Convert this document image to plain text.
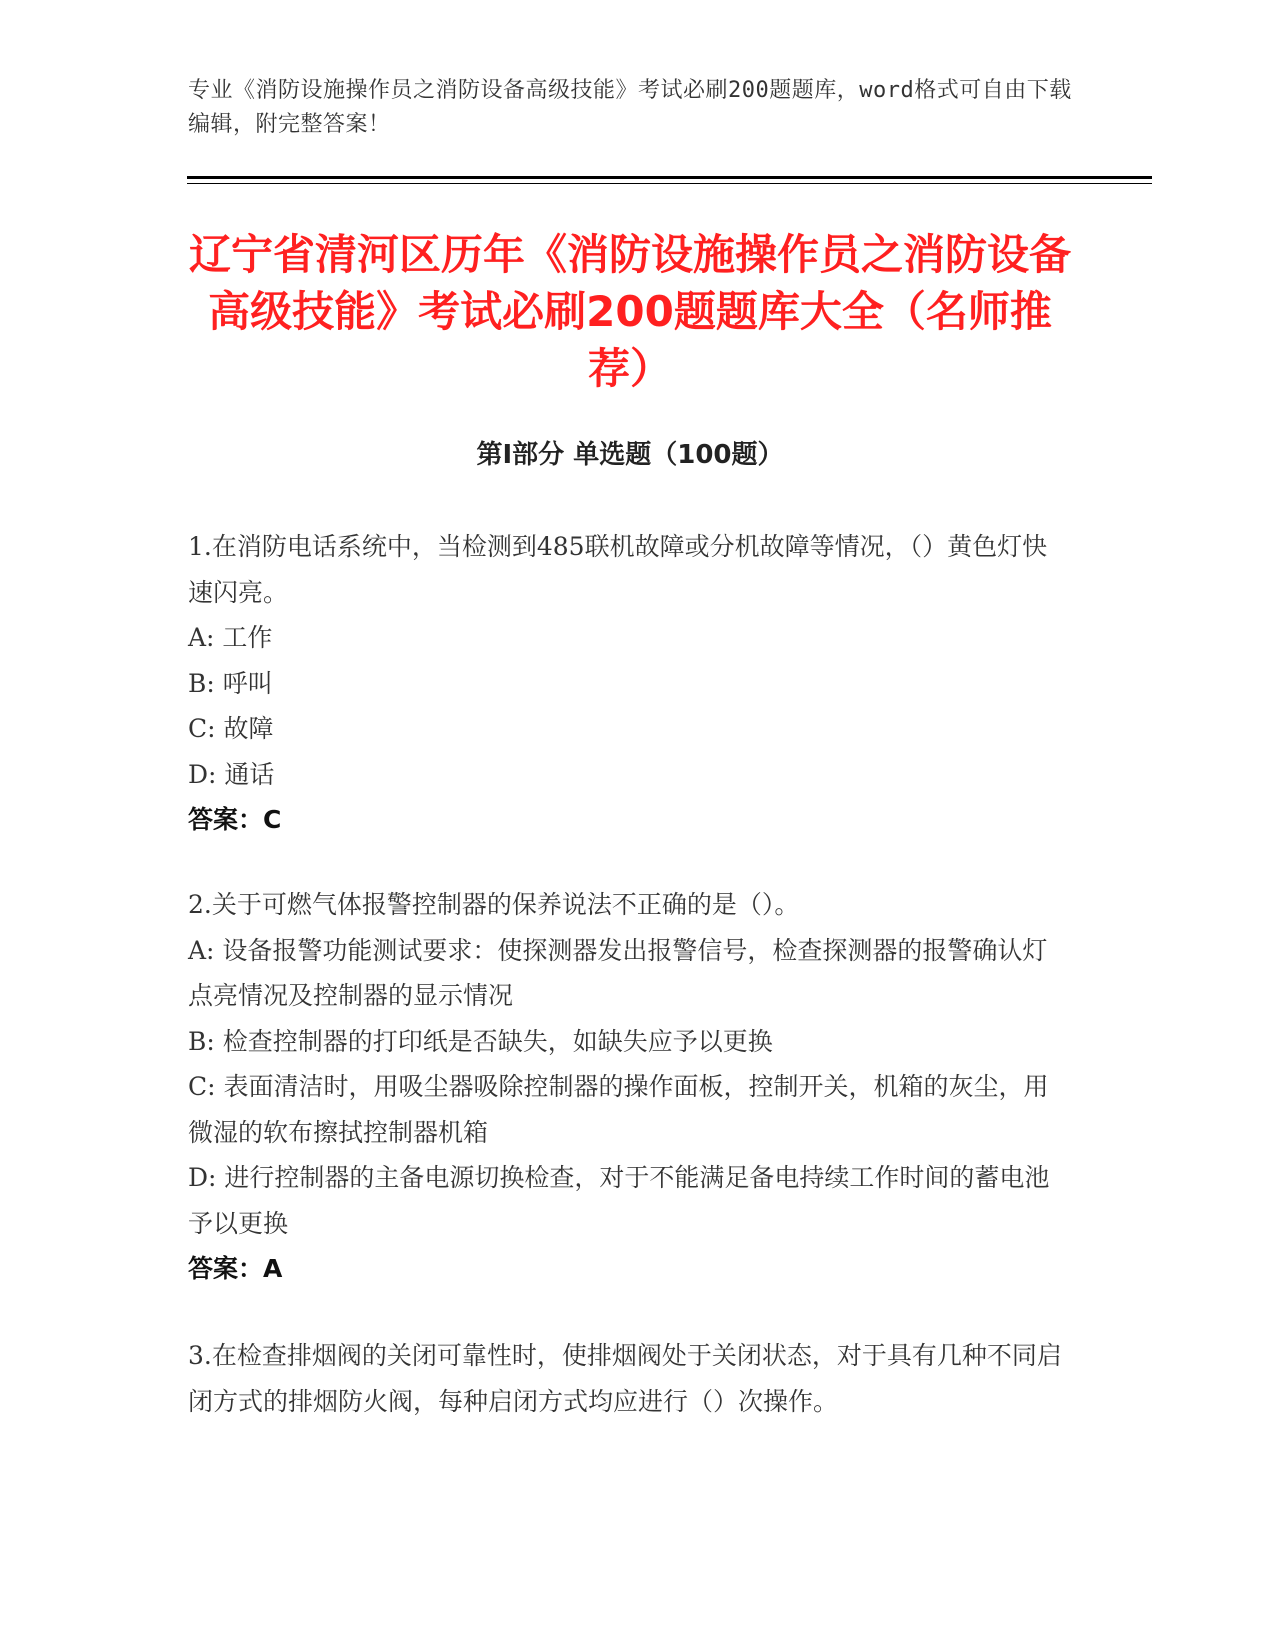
专业《消防设施操作员之消防设备高级技能》考试必刷200题题库，word格式可自由下载编辑，附完整答案！
辽宁省清河区历年《消防设施操作员之消防设备高级技能》考试必刷200题题库大全（名师推荐）
第I部分 单选题（100题）

1.在消防电话系统中，当检测到485联机故障或分机故障等情况，（）黄色灯快速闪亮。

A: 工作

B: 呼叫

C: 故障

D: 通话

答案：C

2.关于可燃气体报警控制器的保养说法不正确的是（）。

A: 设备报警功能测试要求：使探测器发出报警信号，检查探测器的报警确认灯点亮情况及控制器的显示情况

B: 检查控制器的打印纸是否缺失，如缺失应予以更换

C: 表面清洁时，用吸尘器吸除控制器的操作面板，控制开关，机箱的灰尘，用微湿的软布擦拭控制器机箱

D: 进行控制器的主备电源切换检查，对于不能满足备电持续工作时间的蓄电池予以更换

答案：A

3.在检查排烟阀的关闭可靠性时，使排烟阀处于关闭状态，对于具有几种不同启闭方式的排烟防火阀，每种启闭方式均应进行（）次操作。
